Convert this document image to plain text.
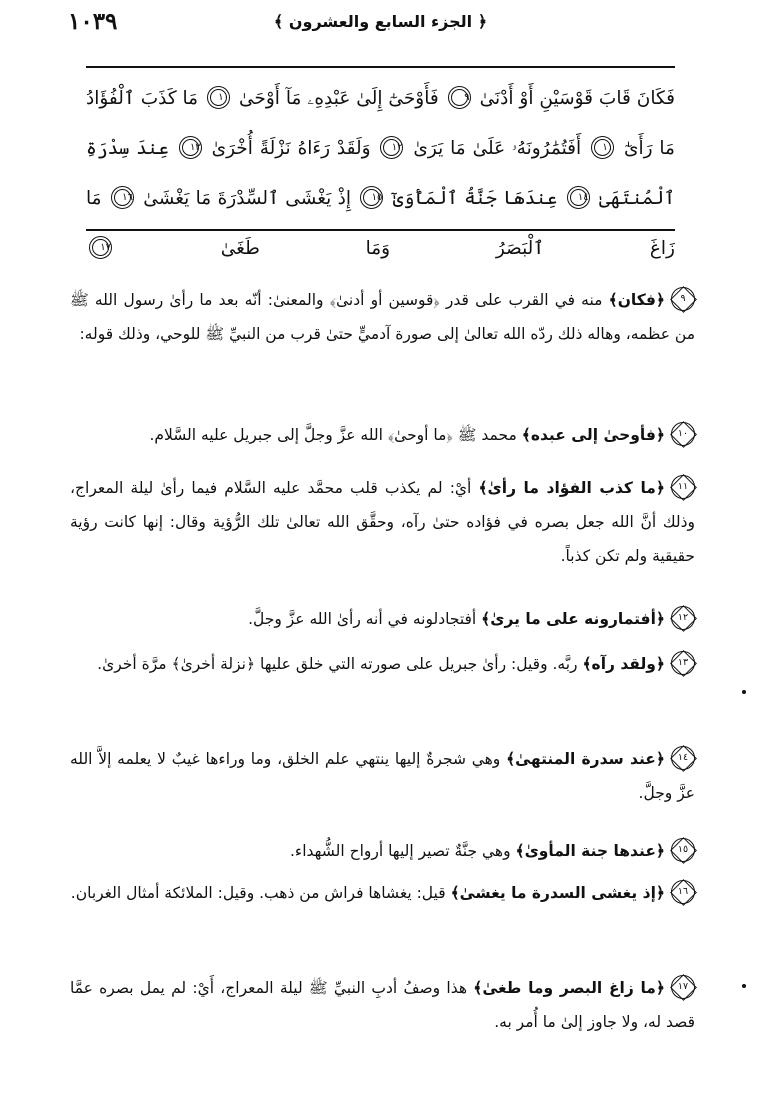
١٠٣٩	﴿ الجزء السابع والعشرون ﴾
فَكَانَ قَابَ قَوْسَيْنِ أَوْ أَدْنَىٰ ٩ فَأَوْحَىٰٓ إِلَىٰ عَبْدِهِۦ مَآ أَوْحَىٰ ١٠ مَا كَذَبَ ٱلْفُؤَادُ مَا رَأَىٰٓ ١١ أَفَتُمَٰرُونَهُۥ عَلَىٰ مَا يَرَىٰ ١٢ وَلَقَدْ رَءَاهُ نَزْلَةً أُخْرَىٰ ١٣ عِندَ سِدْرَةِ ٱلْمُنتَهَىٰ ١٤ عِندَهَا جَنَّةُ ٱلْمَأْوَىٰٓ ١٥ إِذْ يَغْشَى ٱلسِّدْرَةَ مَا يَغْشَىٰ ١٦ مَا زَاغَ ٱلْبَصَرُ وَمَا طَغَىٰ ١٧
٩﴿فكان﴾ منه في القرب على قدر ﴿قوسين أو أدنىٰ﴾ والمعنىٰ: أنّه بعد ما رأىٰ رسول الله ﷺ من عظمه، وهاله ذلك ردّه الله تعالىٰ إلى صورة آدميٍّ حتىٰ قرب من النبيِّ ﷺ للوحي، وذلك قوله:
١٠﴿فأوحىٰ إلى عبده﴾ محمد ﷺ ﴿ما أوحىٰ﴾ الله عزَّ وجلَّ إلى جبريل عليه السَّلام.
١١﴿ما كذب الفؤاد ما رأىٰ﴾ أيْ: لم يكذب قلب محمَّد عليه السَّلام فيما رأىٰ ليلة المعراج، وذلك أنَّ الله جعل بصره في فؤاده حتىٰ رآه، وحقَّق الله تعالىٰ تلك الرُّؤية وقال: إنها كانت رؤية حقيقية ولم تكن كذباً.
١٢﴿أفتمارونه على ما يرىٰ﴾ أفتجادلونه في أنه رأىٰ الله عزَّ وجلَّ.
١٣﴿ولقد رآه﴾ ربَّه. وقيل: رأىٰ جبريل على صورته التي خلق عليها ﴿نزلة أخرىٰ﴾ مرَّة أخرىٰ.
١٤﴿عند سدرة المنتهىٰ﴾ وهي شجرةٌ إليها ينتهي علم الخلق، وما وراءها غيبٌ لا يعلمه إلاَّ الله عزَّ وجلَّ.
١٥﴿عندها جنة المأوىٰ﴾ وهي جنَّةٌ تصير إليها أرواح الشُّهداء.
١٦﴿إذ يغشى السدرة ما يغشىٰ﴾ قيل: يغشاها فراش من ذهب. وقيل: الملائكة أمثال الغربان.
١٧﴿ما زاغ البصر وما طغىٰ﴾ هذا وصفُ أدبِ النبيِّ ﷺ ليلة المعراج، أَيْ: لم يمل بصره عمَّا قصد له، ولا جاوز إلىٰ ما أُمر به.
